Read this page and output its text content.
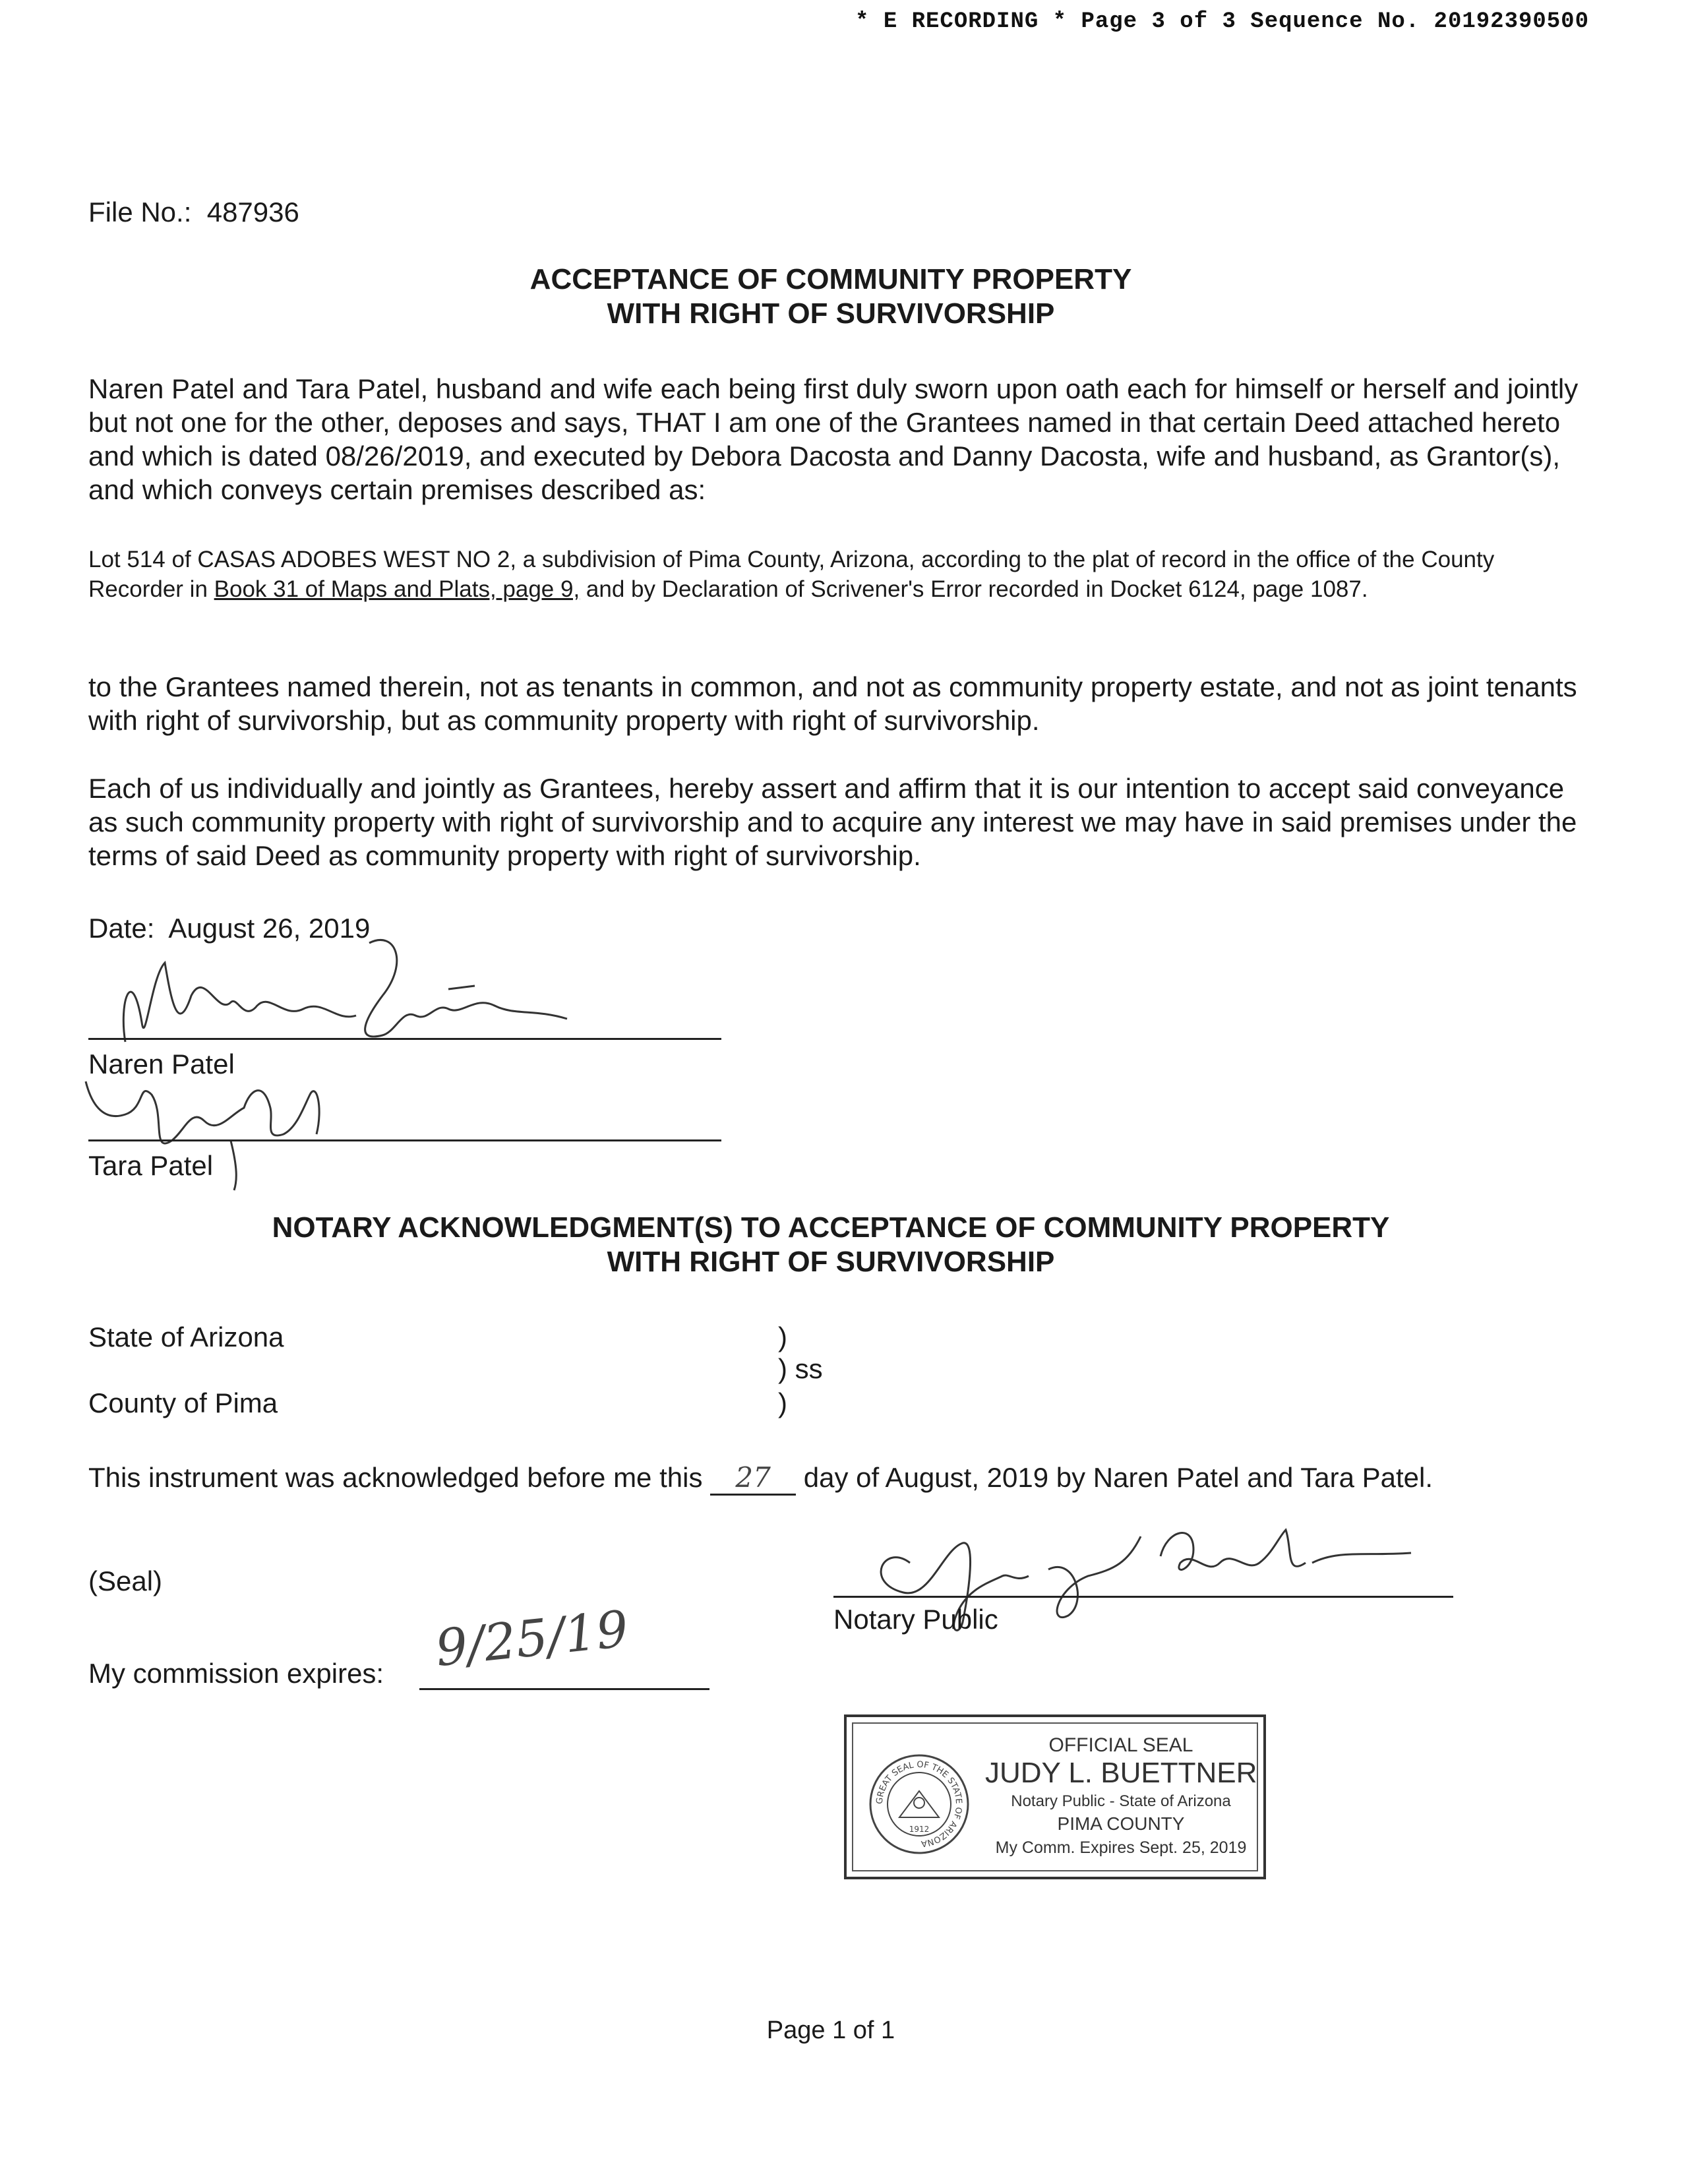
* E RECORDING * Page 3 of 3 Sequence No. 20192390500
File No.: 487936
ACCEPTANCE OF COMMUNITY PROPERTY
WITH RIGHT OF SURVIVORSHIP
Naren Patel and Tara Patel, husband and wife each being first duly sworn upon oath each for himself or herself and jointly but not one for the other, deposes and says, THAT I am one of the Grantees named in that certain Deed attached hereto and which is dated 08/26/2019, and executed by Debora Dacosta and Danny Dacosta, wife and husband, as Grantor(s), and which conveys certain premises described as:
Lot 514 of CASAS ADOBES WEST NO 2, a subdivision of Pima County, Arizona, according to the plat of record in the office of the County Recorder in Book 31 of Maps and Plats, page 9, and by Declaration of Scrivener's Error recorded in Docket 6124, page 1087.
to the Grantees named therein, not as tenants in common, and not as community property estate, and not as joint tenants with right of survivorship, but as community property with right of survivorship.
Each of us individually and jointly as Grantees, hereby assert and affirm that it is our intention to accept said conveyance as such community property with right of survivorship and to acquire any interest we may have in said premises under the terms of said Deed as community property with right of survivorship.
Date: August 26, 2019
Naren Patel
Tara Patel
NOTARY ACKNOWLEDGMENT(S) TO ACCEPTANCE OF COMMUNITY PROPERTY
WITH RIGHT OF SURVIVORSHIP
State of Arizona	)
) ss
County of Pima	)
This instrument was acknowledged before me this 27 day of August, 2019 by Naren Patel and Tara Patel.
(Seal)
Notary Public
My commission expires: 9/25/19
GREAT SEAL OF THE STATE OF ARIZONA
1912
OFFICIAL SEAL
JUDY L. BUETTNER
Notary Public - State of Arizona
PIMA COUNTY
My Comm. Expires Sept. 25, 2019
Page 1 of 1
